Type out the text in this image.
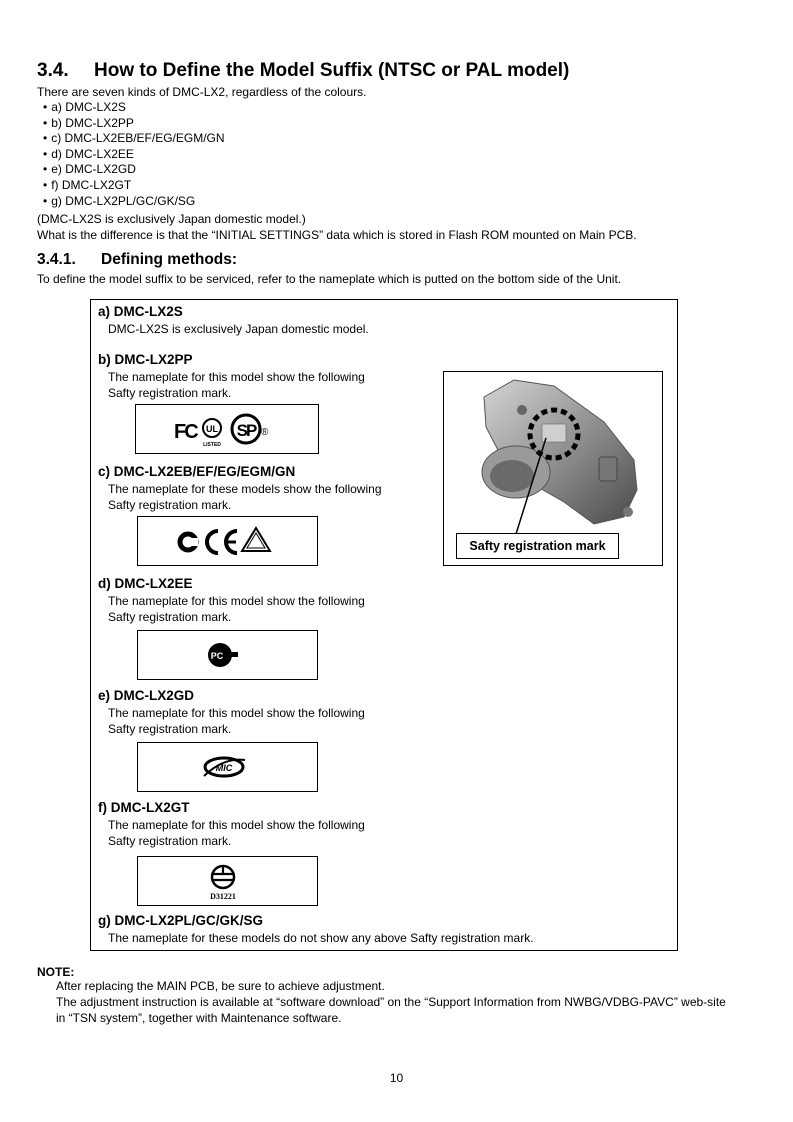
3.4. How to Define the Model Suffix (NTSC or PAL model)
There are seven kinds of DMC-LX2, regardless of the colours.
• a) DMC-LX2S
• b) DMC-LX2PP
• c) DMC-LX2EB/EF/EG/EGM/GN
• d) DMC-LX2EE
• e) DMC-LX2GD
• f) DMC-LX2GT
• g) DMC-LX2PL/GC/GK/SG
(DMC-LX2S is exclusively Japan domestic model.)
What is the difference is that the “INITIAL SETTINGS” data which is stored in Flash ROM mounted on Main PCB.
3.4.1. Defining methods:
To define the model suffix to be serviced, refer to the nameplate which is putted on the bottom side of the Unit.
a) DMC-LX2S
DMC-LX2S is exclusively Japan domestic model.
b) DMC-LX2PP
The nameplate for this model show the following
Safty registration mark.
FC UL
LISTED
SP ®
c) DMC-LX2EB/EF/EG/EGM/GN
The nameplate for these models show the following
Safty registration mark.
Safty registration mark
d) DMC-LX2EE
The nameplate for this model show the following
Safty registration mark.
PC
e) DMC-LX2GD
The nameplate for this model show the following
Safty registration mark.
MIC
f) DMC-LX2GT
The nameplate for this model show the following
Safty registration mark.
D31221
g) DMC-LX2PL/GC/GK/SG
The nameplate for these models do not show any above Safty registration mark.
NOTE:
After replacing the MAIN PCB, be sure to achieve adjustment.
The adjustment instruction is available at “software download” on the “Support Information from NWBG/VDBG-PAVC” web-site
in “TSN system”, together with Maintenance software.
10
